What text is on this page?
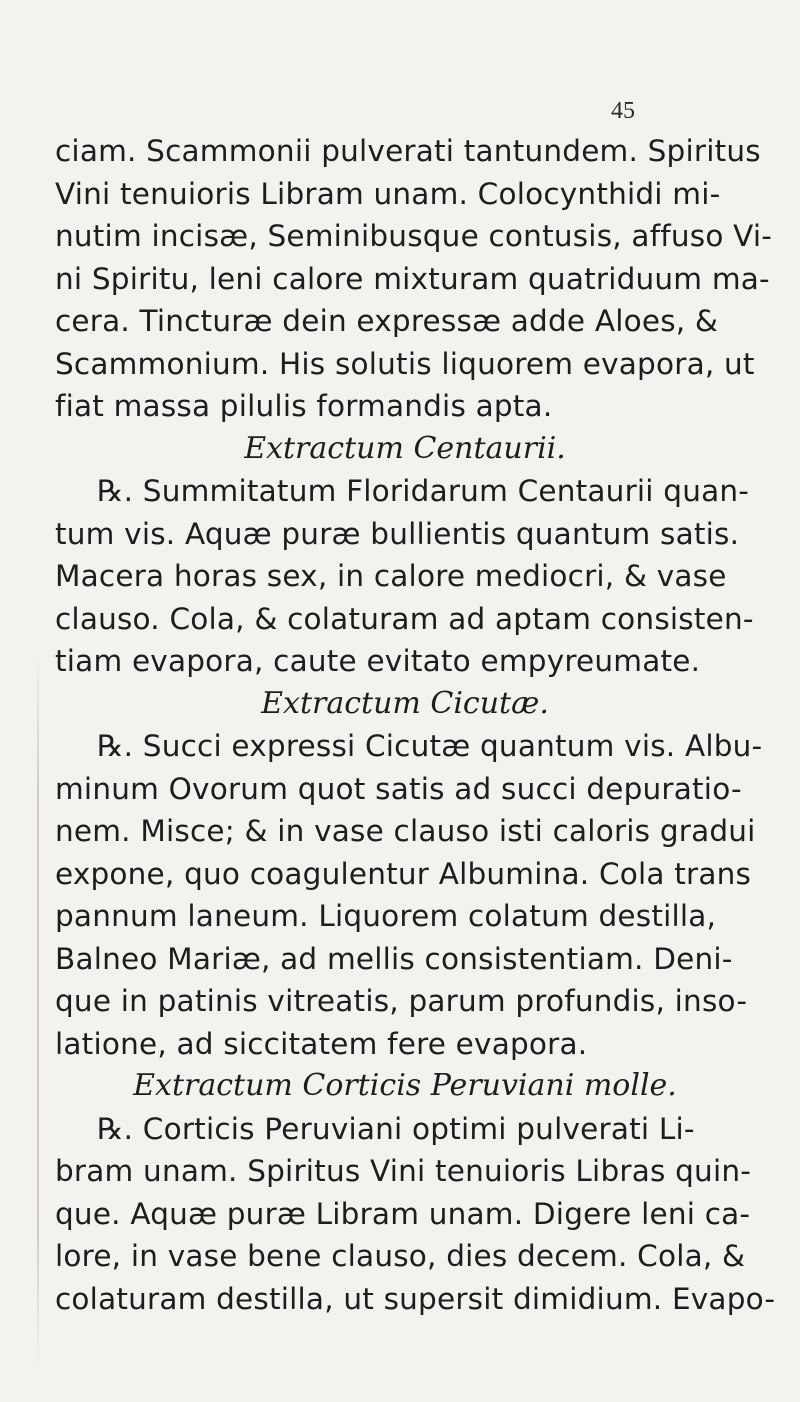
45
ciam. Scammonii pulverati tantundem. Spiritus
Vini tenuioris Libram unam. Colocynthidi mi-
nutim incisæ, Seminibusque contusis, affuso Vi-
ni Spiritu, leni calore mixturam quatriduum ma-
cera. Tincturæ dein expressæ adde Aloes, &
Scammonium. His solutis liquorem evapora, ut
fiat massa pilulis formandis apta.
Extractum Centaurii.
℞. Summitatum Floridarum Centaurii quan-
tum vis. Aquæ puræ bullientis quantum satis.
Macera horas sex, in calore mediocri, & vase
clauso. Cola, & colaturam ad aptam consisten-
tiam evapora, caute evitato empyreumate.
Extractum Cicutæ.
℞. Succi expressi Cicutæ quantum vis. Albu-
minum Ovorum quot satis ad succi depuratio-
nem. Misce; & in vase clauso isti caloris gradui
expone, quo coagulentur Albumina. Cola trans
pannum laneum. Liquorem colatum destilla,
Balneo Mariæ, ad mellis consistentiam. Deni-
que in patinis vitreatis, parum profundis, inso-
latione, ad siccitatem fere evapora.
Extractum Corticis Peruviani molle.
℞. Corticis Peruviani optimi pulverati Li-
bram unam. Spiritus Vini tenuioris Libras quin-
que. Aquæ puræ Libram unam. Digere leni ca-
lore, in vase bene clauso, dies decem. Cola, &
colaturam destilla, ut supersit dimidium. Evapo-
